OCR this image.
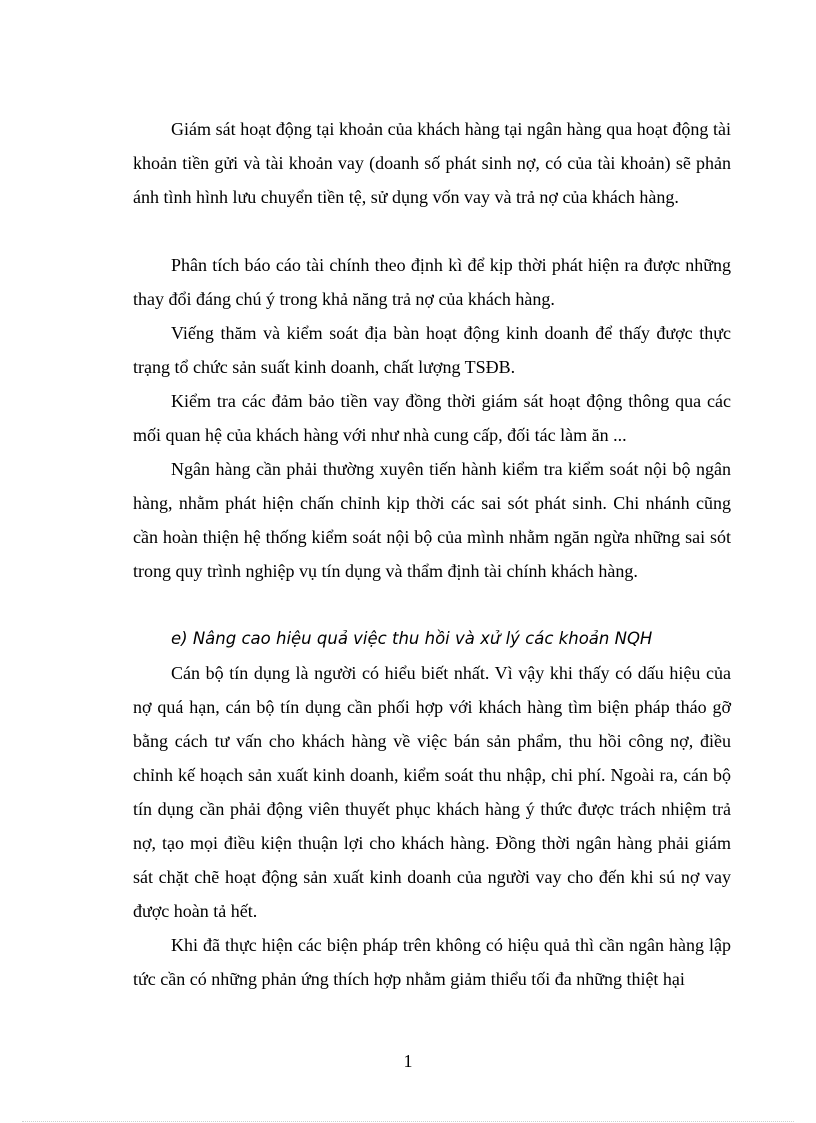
Giám sát hoạt động tại khoản của khách hàng tại ngân hàng qua hoạt động tài khoản tiền gửi và tài khoản vay (doanh số phát sinh nợ, có của tài khoản) sẽ phản ánh tình hình lưu chuyển tiền tệ, sử dụng vốn vay và trả nợ của khách hàng.

Phân tích báo cáo tài chính theo định kì để kịp thời phát hiện ra được những thay đổi đáng chú ý trong khả năng trả nợ của khách hàng.

Viếng thăm và kiểm soát địa bàn hoạt động kinh doanh để thấy được thực trạng tổ chức sản suất kinh doanh, chất lượng TSĐB.

Kiểm tra các đảm bảo tiền vay đồng thời giám sát hoạt động thông qua các mối quan hệ của khách hàng với như nhà cung cấp, đối tác làm ăn ...

Ngân hàng cần phải thường xuyên tiến hành kiểm tra kiểm soát nội bộ ngân hàng, nhằm phát hiện chấn chỉnh kịp thời các sai sót phát sinh. Chi nhánh cũng cần hoàn thiện hệ thống kiểm soát nội bộ của mình nhằm ngăn ngừa những sai sót trong quy trình nghiệp vụ tín dụng và thẩm định tài chính khách hàng.

e) Nâng cao hiệu quả việc thu hồi và xử lý các khoản NQH

Cán bộ tín dụng là người có hiểu biết nhất. Vì vậy khi thấy có dấu hiệu của nợ quá hạn, cán bộ tín dụng cần phối hợp với khách hàng tìm biện pháp tháo gỡ bằng cách tư vấn cho khách hàng về việc bán sản phẩm, thu hồi công nợ, điều chỉnh kế hoạch sản xuất kinh doanh, kiểm soát thu nhập, chi phí. Ngoài ra, cán bộ tín dụng cần phải động viên thuyết phục khách hàng ý thức được trách nhiệm trả nợ, tạo mọi điều kiện thuận lợi cho khách hàng. Đồng thời ngân hàng phải giám sát chặt chẽ hoạt động sản xuất kinh doanh của người vay cho đến khi sú nợ vay được hoàn tả hết.

Khi đã thực hiện các biện pháp trên không có hiệu quả thì cần ngân hàng lập tức cần có những phản ứng thích hợp nhằm giảm thiểu tối đa những thiệt hại

1
